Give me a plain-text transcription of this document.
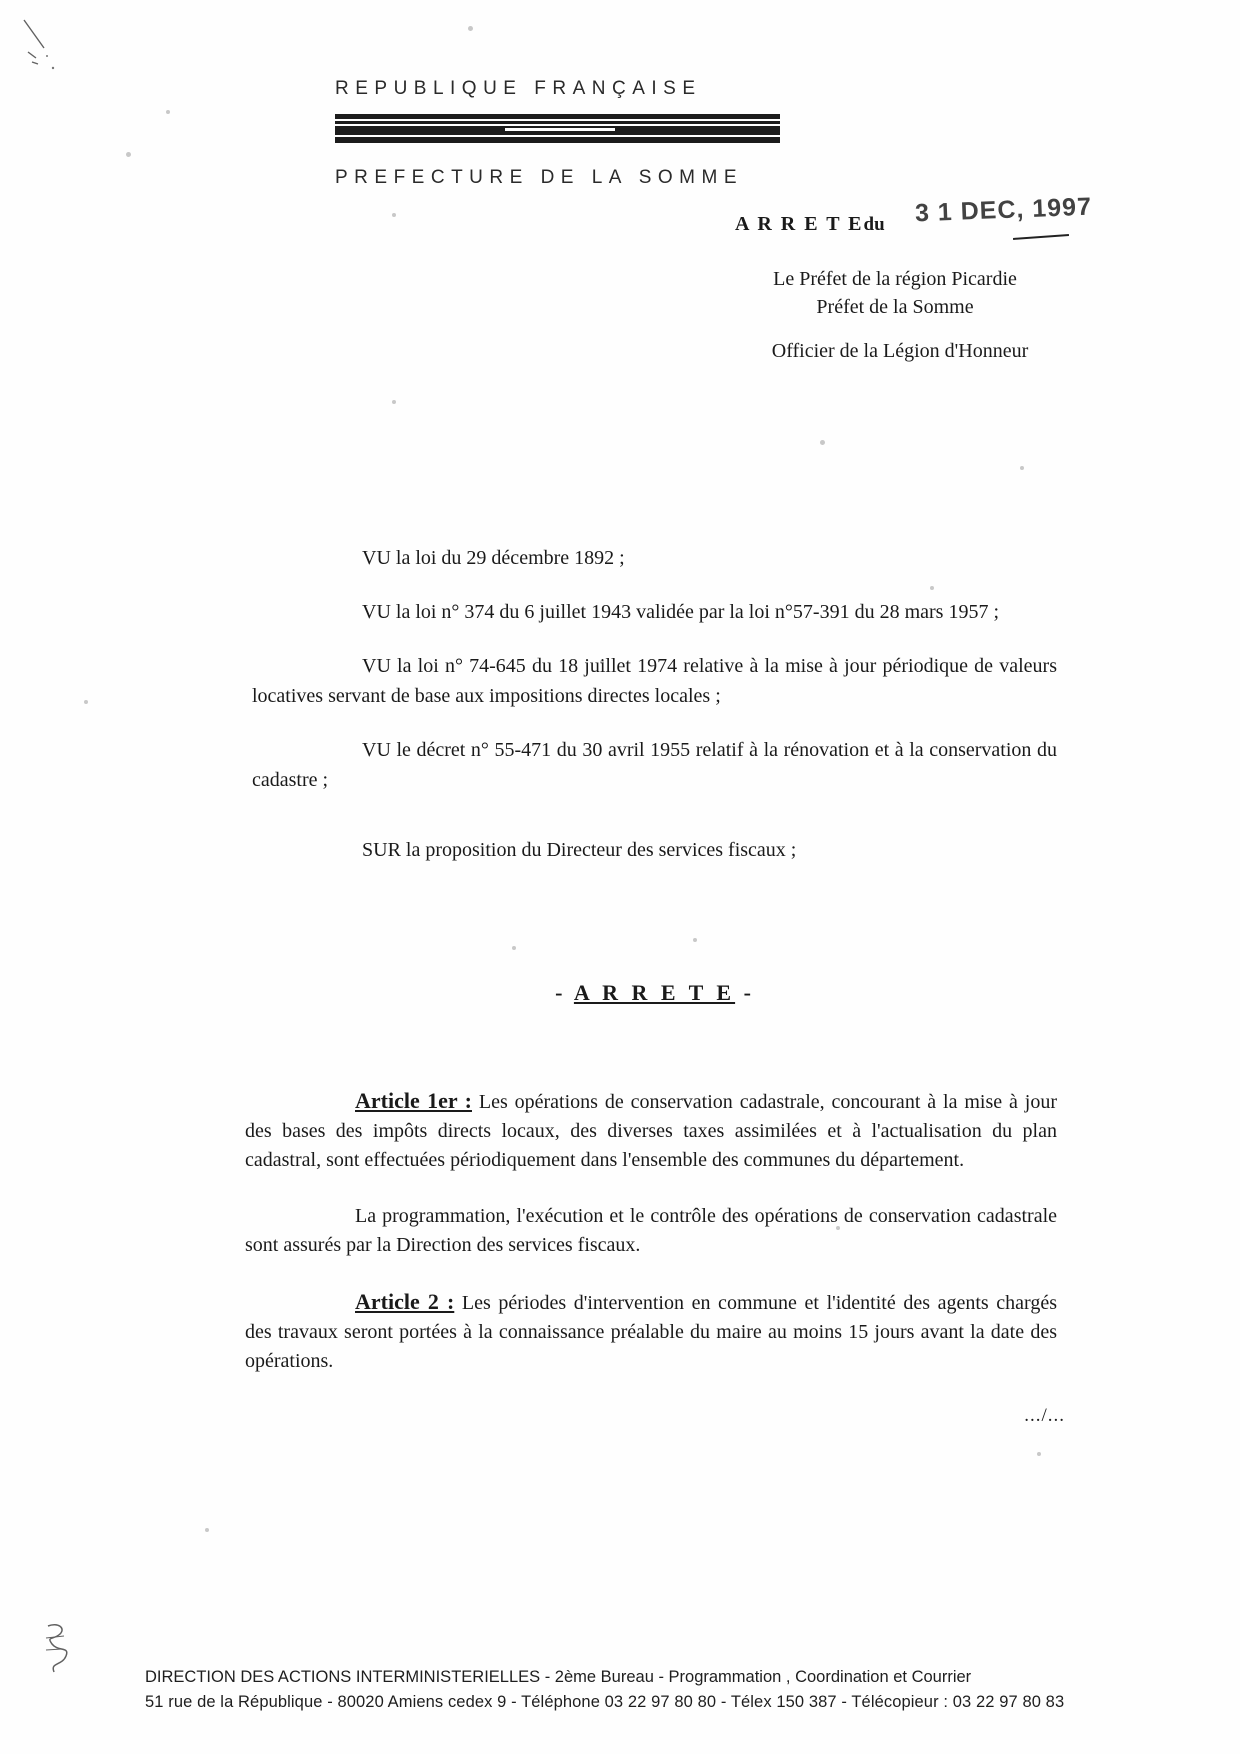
REPUBLIQUE FRANÇAISE
PREFECTURE DE LA SOMME
A R R E T Edu 3 1 DEC, 1997
Le Préfet de la région Picardie
Préfet de la Somme
Officier de la Légion d'Honneur
VU la loi du 29 décembre 1892 ;
VU la loi n° 374 du 6 juillet 1943 validée par la loi n°57-391 du 28 mars 1957 ;
VU la loi n° 74-645 du 18 juillet 1974 relative à la mise à jour périodique de valeurs locatives servant de base aux impositions directes locales ;
VU le décret n° 55-471 du 30 avril 1955 relatif à la rénovation et à la conservation du cadastre ;
SUR la proposition du Directeur des services fiscaux ;
- A R R E T E -
Article 1er : Les opérations de conservation cadastrale, concourant à la mise à jour des bases des impôts directs locaux, des diverses taxes assimilées et à l'actualisation du plan cadastral, sont effectuées périodiquement dans l'ensemble des communes du département.
La programmation, l'exécution et le contrôle des opérations de conservation cadastrale sont assurés par la Direction des services fiscaux.
Article 2 : Les périodes d'intervention en commune et l'identité des agents chargés des travaux seront portées à la connaissance préalable du maire au moins 15 jours avant la date des opérations.
.../...
DIRECTION DES ACTIONS INTERMINISTERIELLES - 2ème Bureau - Programmation , Coordination et Courrier
51 rue de la République - 80020 Amiens cedex 9 - Téléphone 03 22 97 80 80 - Télex 150 387 - Télécopieur : 03 22 97 80 83
